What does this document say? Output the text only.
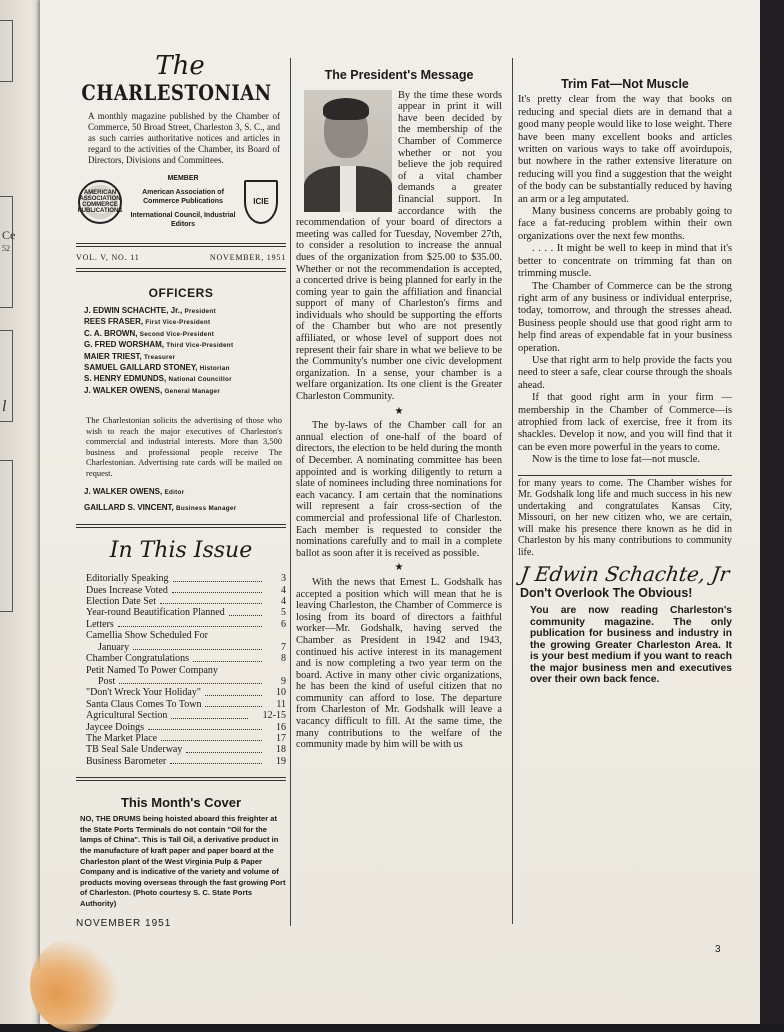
Ce
52
l
The
CHARLESTONIAN
A monthly magazine published by the Chamber of Commerce, 50 Broad Street, Charleston 3, S. C., and as such carries authoritative notices and articles in regard to the activities of the Chamber, its Board of Directors, Divisions and Committees.
AMERICAN ASSOCIATION COMMERCE PUBLICATIONS
MEMBER
American Association of Commerce Publications
International Council, Industrial Editors
ICIE
VOL. V, NO. 11	NOVEMBER, 1951
OFFICERS
J. EDWIN SCHACHTE, Jr., President
REES FRASER, First Vice-President
C. A. BROWN, Second Vice-President
G. FRED WORSHAM, Third Vice-President
MAIER TRIEST, Treasurer
SAMUEL GAILLARD STONEY, Historian
S. HENRY EDMUNDS, National Councillor
J. WALKER OWENS, General Manager
The Charlestonian solicits the advertising of those who wish to reach the major executives of Charleston's commercial and industrial interests. More than 3,500 business and professional people receive The Charlestonian. Advertising rate cards will be mailed on request.
J. WALKER OWENS, Editor
GAILLARD S. VINCENT, Business Manager
In This Issue
Editorially Speaking	3
Dues Increase Voted	4
Election Date Set	4
Year-round Beautification Planned	5
Letters	6
Camellia Show Scheduled For
January	7
Chamber Congratulations	8
Petit Named To Power Company
Post	9
"Don't Wreck Your Holiday"	10
Santa Claus Comes To Town	11
Agricultural Section	12-15
Jaycee Doings	16
The Market Place	17
TB Seal Sale Underway	18
Business Barometer	19
This Month's Cover
NO, THE DRUMS being hoisted aboard this freighter at the State Ports Terminals do not contain "Oil for the lamps of China". This is Tall Oil, a derivative product in the manufacture of kraft paper and paper board at the Charleston plant of the West Virginia Pulp & Paper Company and is indicative of the variety and volume of products moving overseas through the fast growing Port of Charleston. (Photo courtesy S. C. State Ports Authority)
NOVEMBER 1951
The President's Message

By the time these words appear in print it will have been decided by the membership of the Chamber of Commerce whether or not you believe the job required of a vital chamber demands a greater financial support. In accordance with the recommendation of your board of directors a meeting was called for Tuesday, November 27th, to consider a resolution to increase the annual dues of the organization from $25.00 to $35.00. Whether or not the recommendation is accepted, a concerted drive is being planned for early in the coming year to gain the affiliation and financial support of many of Charleston's firms and individuals who should be supporting the efforts of the Chamber but who are not presently affiliated, or whose level of support does not represent their fair share in what we believe to be the Community's number one civic development organization. In a sense, your chamber is a welfare organization. Its one client is the Greater Charleston Community.

★

The by-laws of the Chamber call for an annual election of one-half of the board of directors, the election to be held during the month of December. A nominating committee has been appointed and is working diligently to return a slate of nominees including three nominations for each vacancy. I am certain that the nominations will represent a fair cross-section of the commercial and professional life of Charleston. Each member is requested to consider the nominations carefully and to mail in a complete ballot as soon after it is received as possible.

★

With the news that Ernest L. Godshalk has accepted a position which will mean that he is leaving Charleston, the Chamber of Commerce is losing from its board of directors a faithful worker—Mr. Godshalk, having served the Chamber as President in 1942 and 1943, continued his active interest in its management and is now completing a two year term on the board. Active in many other civic organizations, he has been the kind of useful citizen that no community can afford to lose. The departure from Charleston of Mr. Godshalk will leave a vacancy difficult to fill. At the same time, the many contributions to the welfare of the community made by him will be with us

Trim Fat—Not Muscle

It's pretty clear from the way that books on reducing and special diets are in demand that a good many people would like to lose weight. There have been many excellent books and articles written on various ways to take off avoirdupois, but nowhere in the rather extensive literature on reducing will you find a suggestion that the weight of the body can be substantially reduced by having an arm or a leg amputated.

Many business concerns are probably going to face a fat-reducing problem within their own organizations over the next few months.

. . . . It might be well to keep in mind that it's better to concentrate on trimming fat than on trimming muscle.

The Chamber of Commerce can be the strong right arm of any business or individual enterprise, today, tomorrow, and through the stresses ahead. Business people should use that good right arm to help find areas of expendable fat in your business operation.

Use that right arm to help provide the facts you need to steer a safe, clear course through the shoals ahead.

If that good right arm in your firm —membership in the Chamber of Commerce—is atrophied from lack of exercise, free it from its shackles. Develop it now, and you will find that it can be even more powerful in the years to come.

Now is the time to lose fat—not muscle.

for many years to come. The Chamber wishes for Mr. Godshalk long life and much success in his new undertaking and congratulates Kansas City, Missouri, on her new citizen who, we are certain, will make his presence there known as he did in Charleston by his many contributions to community life.
J Edwin Schachte, Jr
Don't Overlook The Obvious!
You are now reading Charleston's community magazine. The only publication for business and industry in the growing Greater Charleston Area. It is your best medium if you want to reach the major business men and executives over their own back fence.
3
